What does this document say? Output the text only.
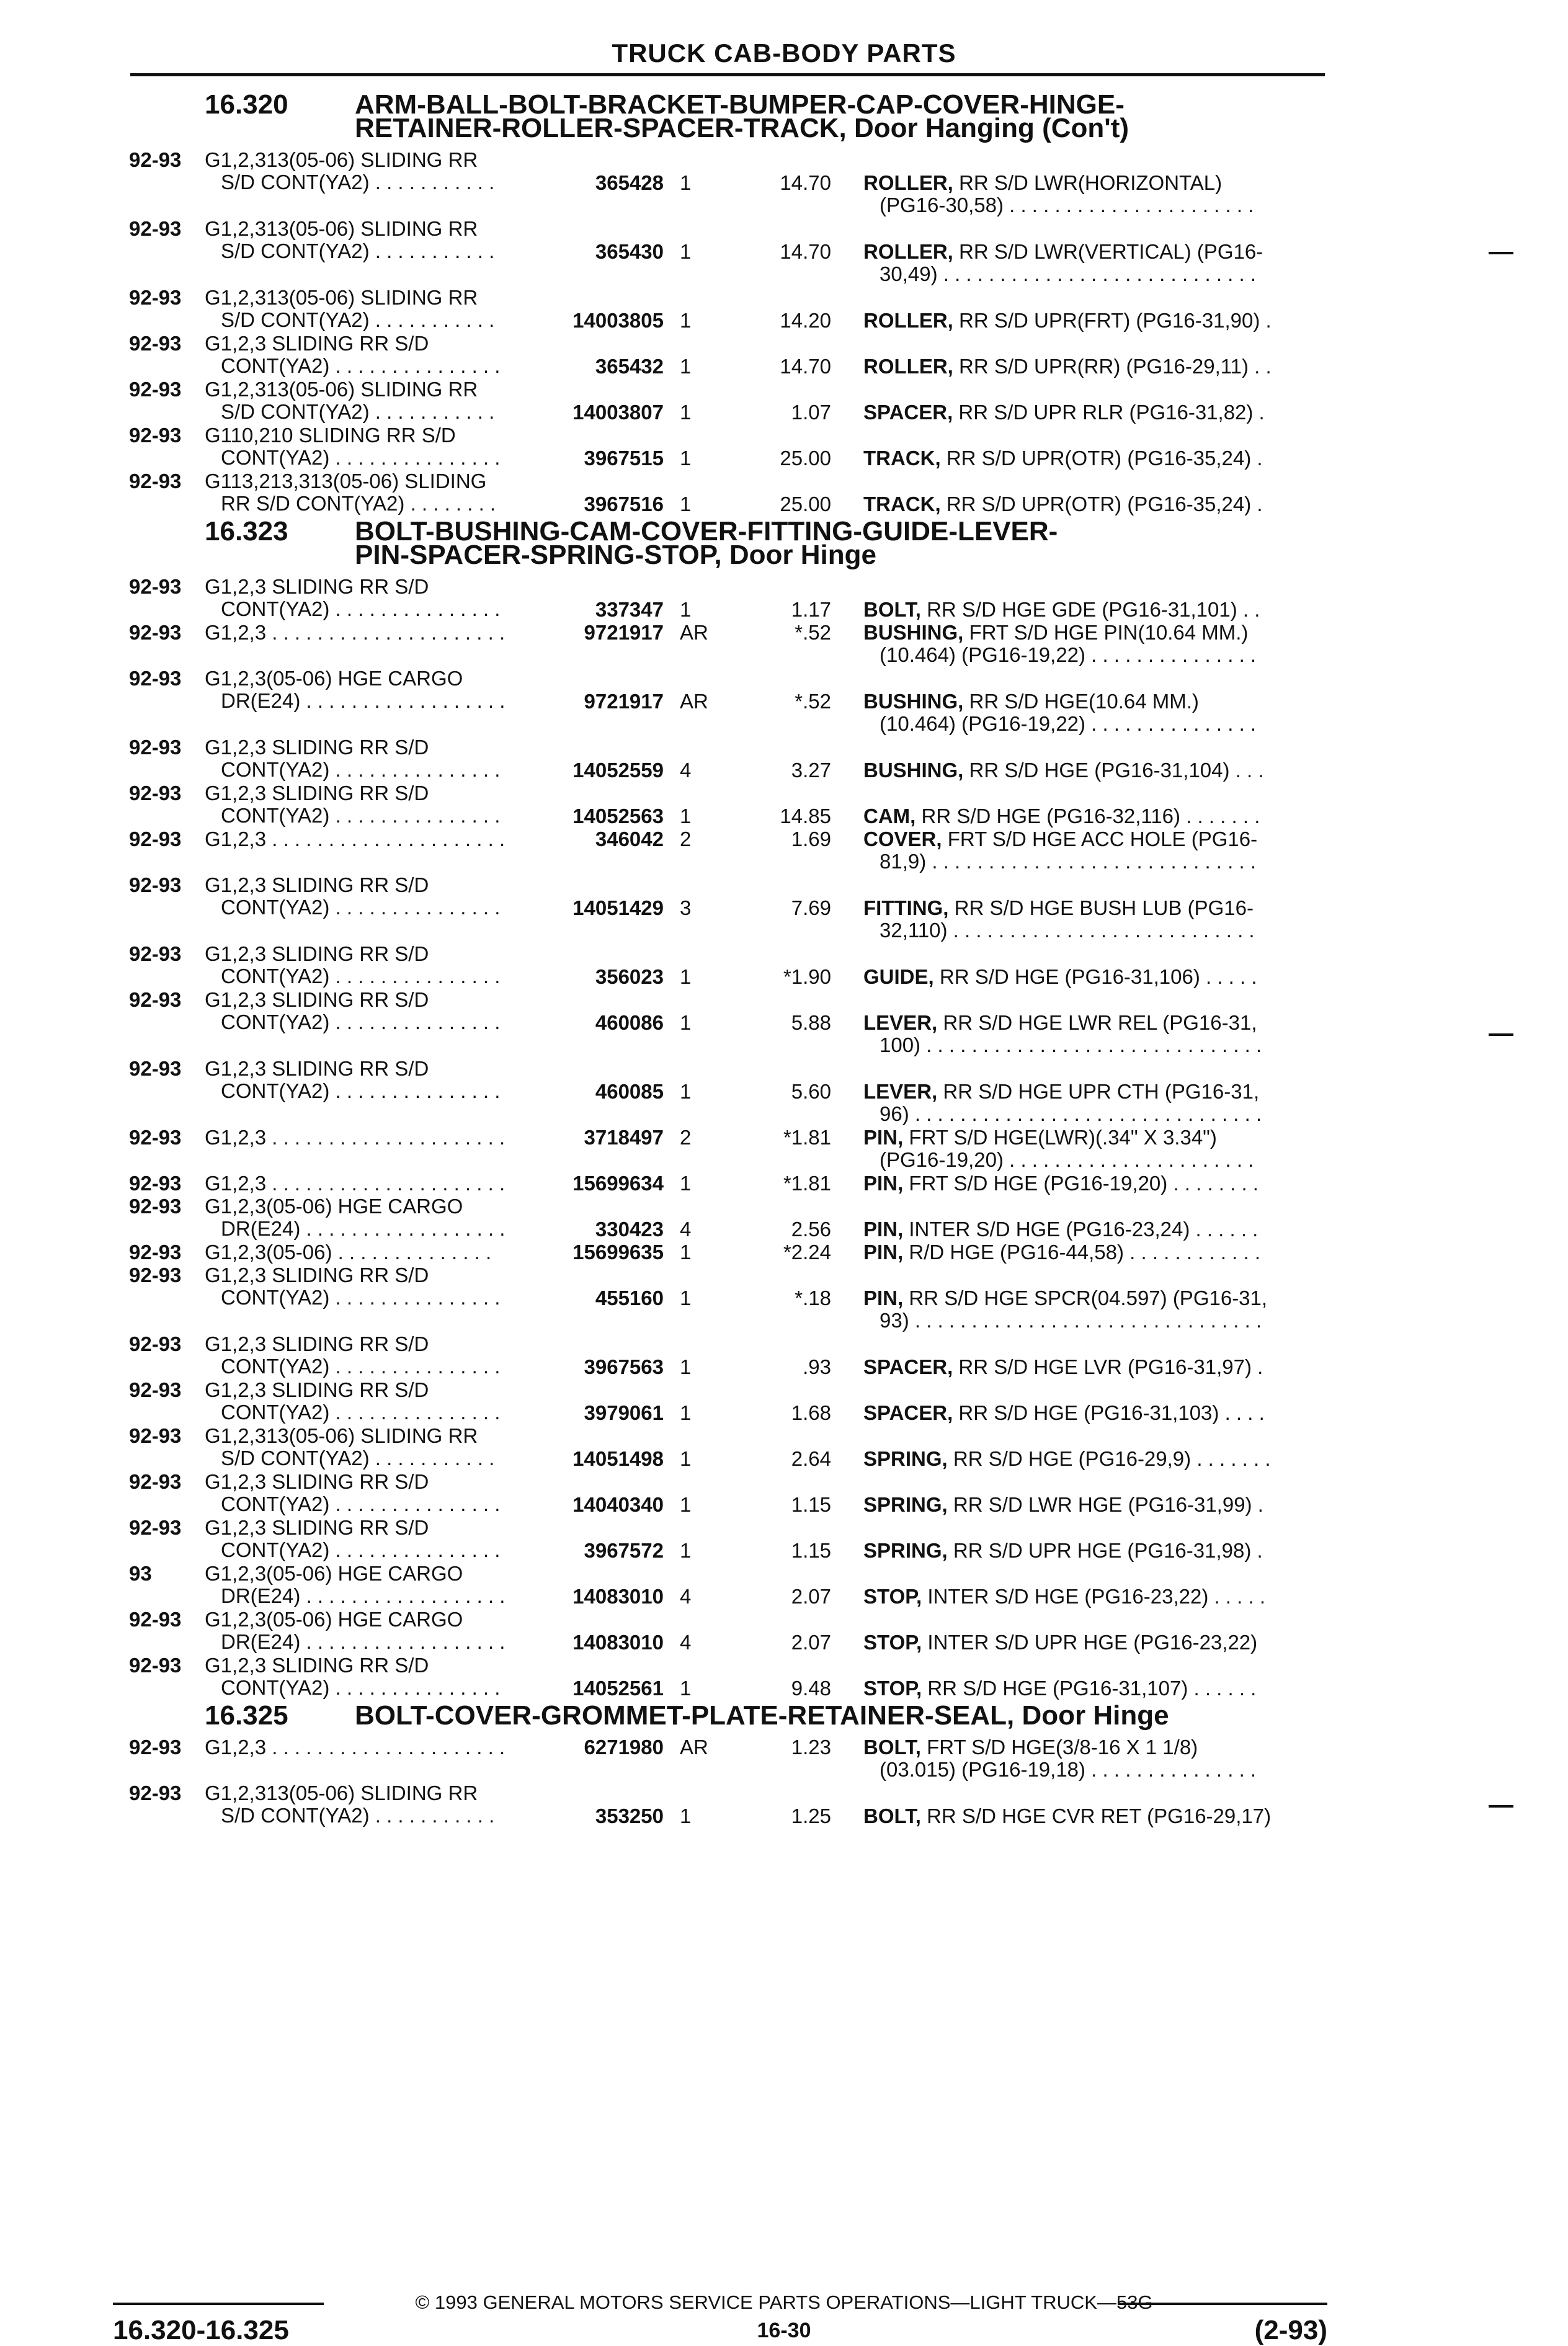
TRUCK CAB-BODY PARTS
16.320 ARM-BALL-BOLT-BRACKET-BUMPER-CAP-COVER-HINGE-
RETAINER-ROLLER-SPACER-TRACK, Door Hanging (Con't)
92-93 G1,2,313(05-06) SLIDING RR
S/D CONT(YA2) . . . . . . . . . . .	365428 1	14.70 ROLLER, RR S/D LWR(HORIZONTAL)
(PG16-30,58) . . . . . . . . . . . . . . . . . . . . . .
92-93 G1,2,313(05-06) SLIDING RR
S/D CONT(YA2) . . . . . . . . . . .	365430 1	14.70 ROLLER, RR S/D LWR(VERTICAL) (PG16-
30,49) . . . . . . . . . . . . . . . . . . . . . . . . . . . .
92-93 G1,2,313(05-06) SLIDING RR
S/D CONT(YA2) . . . . . . . . . . .	14003805 1	14.20 ROLLER, RR S/D UPR(FRT) (PG16-31,90) .
92-93 G1,2,3 SLIDING RR S/D
CONT(YA2) . . . . . . . . . . . . . . .	365432 1	14.70 ROLLER, RR S/D UPR(RR) (PG16-29,11) . .
92-93 G1,2,313(05-06) SLIDING RR
S/D CONT(YA2) . . . . . . . . . . .	14003807 1	1.07 SPACER, RR S/D UPR RLR (PG16-31,82) .
92-93 G110,210 SLIDING RR S/D
CONT(YA2) . . . . . . . . . . . . . . .	3967515 1	25.00 TRACK, RR S/D UPR(OTR) (PG16-35,24) .
92-93 G113,213,313(05-06) SLIDING
RR S/D CONT(YA2) . . . . . . . .	3967516 1	25.00 TRACK, RR S/D UPR(OTR) (PG16-35,24) .
16.323 BOLT-BUSHING-CAM-COVER-FITTING-GUIDE-LEVER-
PIN-SPACER-SPRING-STOP, Door Hinge
92-93 G1,2,3 SLIDING RR S/D
CONT(YA2) . . . . . . . . . . . . . . .	337347 1	1.17 BOLT, RR S/D HGE GDE (PG16-31,101) . .
92-93 G1,2,3 . . . . . . . . . . . . . . . . . . . . .	9721917 AR	*.52 BUSHING, FRT S/D HGE PIN(10.64 MM.)
(10.464) (PG16-19,22) . . . . . . . . . . . . . . .
92-93 G1,2,3(05-06) HGE CARGO
DR(E24) . . . . . . . . . . . . . . . . . .	9721917 AR	*.52 BUSHING, RR S/D HGE(10.64 MM.)
(10.464) (PG16-19,22) . . . . . . . . . . . . . . .
92-93 G1,2,3 SLIDING RR S/D
CONT(YA2) . . . . . . . . . . . . . . .	14052559 4	3.27 BUSHING, RR S/D HGE (PG16-31,104) . . .
92-93 G1,2,3 SLIDING RR S/D
CONT(YA2) . . . . . . . . . . . . . . .	14052563 1	14.85 CAM, RR S/D HGE (PG16-32,116) . . . . . . .
92-93 G1,2,3 . . . . . . . . . . . . . . . . . . . . .	346042 2	1.69 COVER, FRT S/D HGE ACC HOLE (PG16-
81,9) . . . . . . . . . . . . . . . . . . . . . . . . . . . . .
92-93 G1,2,3 SLIDING RR S/D
CONT(YA2) . . . . . . . . . . . . . . .	14051429 3	7.69 FITTING, RR S/D HGE BUSH LUB (PG16-
32,110) . . . . . . . . . . . . . . . . . . . . . . . . . . .
92-93 G1,2,3 SLIDING RR S/D
CONT(YA2) . . . . . . . . . . . . . . .	356023 1	*1.90 GUIDE, RR S/D HGE (PG16-31,106) . . . . .
92-93 G1,2,3 SLIDING RR S/D
CONT(YA2) . . . . . . . . . . . . . . .	460086 1	5.88 LEVER, RR S/D HGE LWR REL (PG16-31,
100) . . . . . . . . . . . . . . . . . . . . . . . . . . . . . .
92-93 G1,2,3 SLIDING RR S/D
CONT(YA2) . . . . . . . . . . . . . . .	460085 1	5.60 LEVER, RR S/D HGE UPR CTH (PG16-31,
96) . . . . . . . . . . . . . . . . . . . . . . . . . . . . . . .
92-93 G1,2,3 . . . . . . . . . . . . . . . . . . . . .	3718497 2	*1.81 PIN, FRT S/D HGE(LWR)(.34" X 3.34")
(PG16-19,20) . . . . . . . . . . . . . . . . . . . . . .
92-93 G1,2,3 . . . . . . . . . . . . . . . . . . . . .	15699634 1	*1.81 PIN, FRT S/D HGE (PG16-19,20) . . . . . . . .
92-93 G1,2,3(05-06) HGE CARGO
DR(E24) . . . . . . . . . . . . . . . . . .	330423 4	2.56 PIN, INTER S/D HGE (PG16-23,24) . . . . . .
92-93 G1,2,3(05-06) . . . . . . . . . . . . . .	15699635 1	*2.24 PIN, R/D HGE (PG16-44,58) . . . . . . . . . . . .
92-93 G1,2,3 SLIDING RR S/D
CONT(YA2) . . . . . . . . . . . . . . .	455160 1	*.18 PIN, RR S/D HGE SPCR(04.597) (PG16-31,
93) . . . . . . . . . . . . . . . . . . . . . . . . . . . . . . .
92-93 G1,2,3 SLIDING RR S/D
CONT(YA2) . . . . . . . . . . . . . . .	3967563 1	.93 SPACER, RR S/D HGE LVR (PG16-31,97) .
92-93 G1,2,3 SLIDING RR S/D
CONT(YA2) . . . . . . . . . . . . . . .	3979061 1	1.68 SPACER, RR S/D HGE (PG16-31,103) . . . .
92-93 G1,2,313(05-06) SLIDING RR
S/D CONT(YA2) . . . . . . . . . . .	14051498 1	2.64 SPRING, RR S/D HGE (PG16-29,9) . . . . . . .
92-93 G1,2,3 SLIDING RR S/D
CONT(YA2) . . . . . . . . . . . . . . .	14040340 1	1.15 SPRING, RR S/D LWR HGE (PG16-31,99) .
92-93 G1,2,3 SLIDING RR S/D
CONT(YA2) . . . . . . . . . . . . . . .	3967572 1	1.15 SPRING, RR S/D UPR HGE (PG16-31,98) .
93	G1,2,3(05-06) HGE CARGO
DR(E24) . . . . . . . . . . . . . . . . . .	14083010 4	2.07 STOP, INTER S/D HGE (PG16-23,22) . . . . .
92-93 G1,2,3(05-06) HGE CARGO
DR(E24) . . . . . . . . . . . . . . . . . .	14083010 4	2.07 STOP, INTER S/D UPR HGE (PG16-23,22)
92-93 G1,2,3 SLIDING RR S/D
CONT(YA2) . . . . . . . . . . . . . . .	14052561 1	9.48 STOP, RR S/D HGE (PG16-31,107) . . . . . .
16.325 BOLT-COVER-GROMMET-PLATE-RETAINER-SEAL, Door Hinge
92-93 G1,2,3 . . . . . . . . . . . . . . . . . . . . .	6271980 AR	1.23 BOLT, FRT S/D HGE(3/8-16 X 1 1/8)
(03.015) (PG16-19,18) . . . . . . . . . . . . . . .
92-93 G1,2,313(05-06) SLIDING RR
S/D CONT(YA2) . . . . . . . . . . .	353250 1	1.25 BOLT, RR S/D HGE CVR RET (PG16-29,17)
© 1993 GENERAL MOTORS SERVICE PARTS OPERATIONS—LIGHT TRUCK—53G
16.320-16.325	16-30	(2-93)
